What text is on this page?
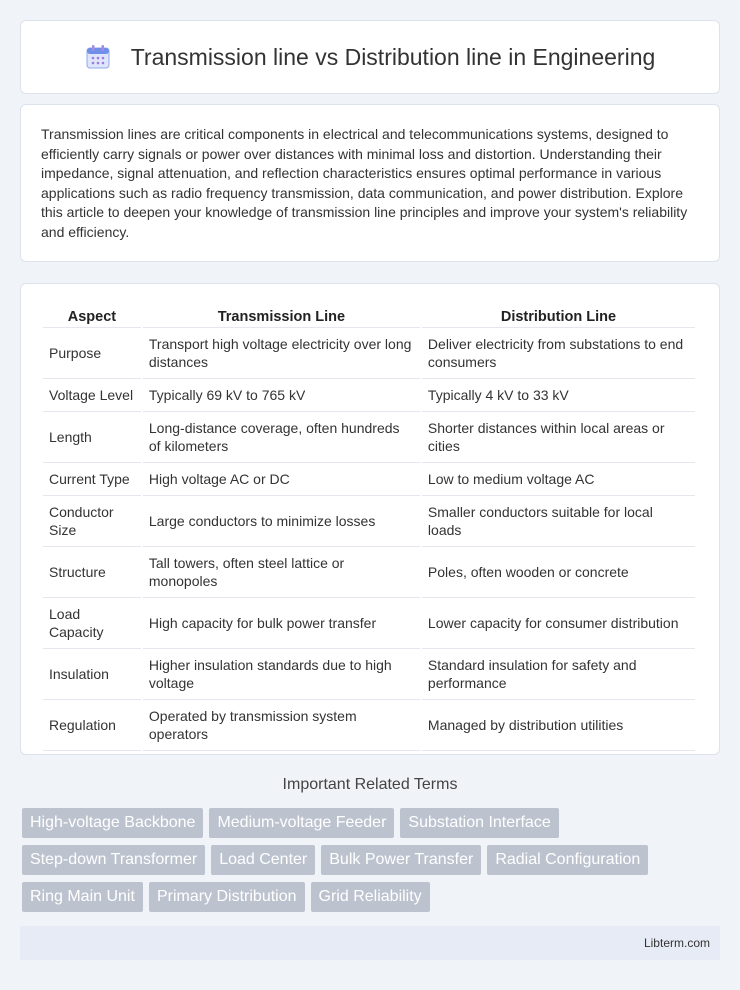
Transmission line vs Distribution line in Engineering

Transmission lines are critical components in electrical and telecommunications systems, designed to efficiently carry signals or power over distances with minimal loss and distortion. Understanding their impedance, signal attenuation, and reflection characteristics ensures optimal performance in various applications such as radio frequency transmission, data communication, and power distribution. Explore this article to deepen your knowledge of transmission line principles and improve your system's reliability and efficiency.

Aspect	Transmission Line	Distribution Line
Purpose	Transport high voltage electricity over long distances	Deliver electricity from substations to end consumers
Voltage Level	Typically 69 kV to 765 kV	Typically 4 kV to 33 kV
Length	Long-distance coverage, often hundreds of kilometers	Shorter distances within local areas or cities
Current Type	High voltage AC or DC	Low to medium voltage AC
Conductor Size	Large conductors to minimize losses	Smaller conductors suitable for local loads
Structure	Tall towers, often steel lattice or monopoles	Poles, often wooden or concrete
Load Capacity	High capacity for bulk power transfer	Lower capacity for consumer distribution
Insulation	Higher insulation standards due to high voltage	Standard insulation for safety and performance
Regulation	Operated by transmission system operators	Managed by distribution utilities
Important Related Terms
High-voltage Backbone	Medium-voltage Feeder	Substation Interface
Step-down Transformer	Load Center	Bulk Power Transfer	Radial Configuration
Ring Main Unit	Primary Distribution	Grid Reliability
Libterm.com
